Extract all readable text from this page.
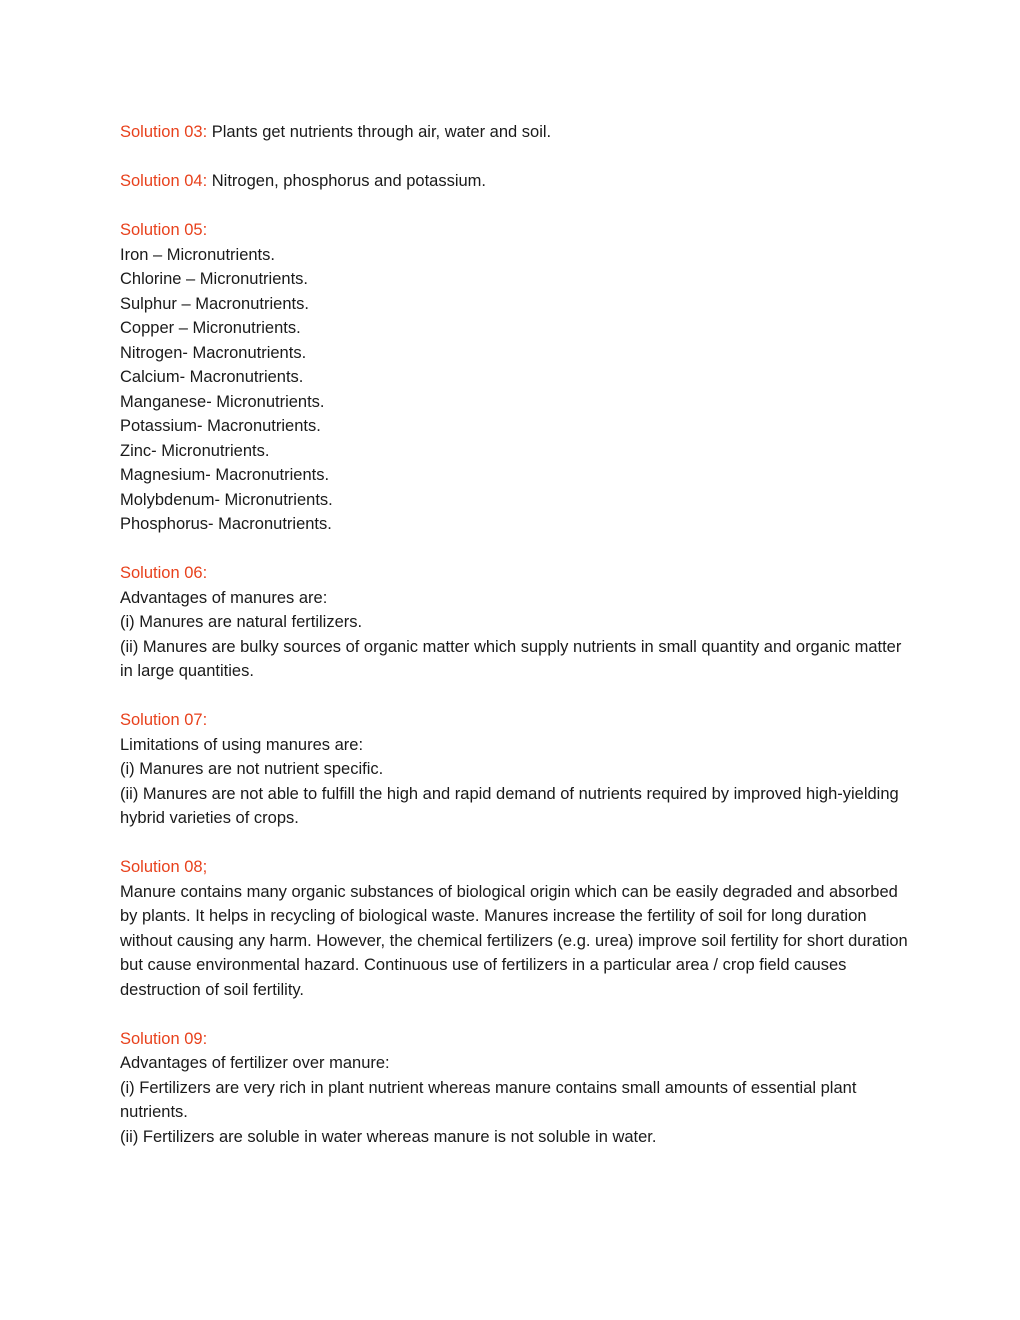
Solution 03: Plants get nutrients through air, water and soil.
Solution 04: Nitrogen, phosphorus and potassium.
Solution 05:
Iron – Micronutrients.
Chlorine – Micronutrients.
Sulphur – Macronutrients.
Copper – Micronutrients.
Nitrogen- Macronutrients.
Calcium- Macronutrients.
Manganese- Micronutrients.
Potassium- Macronutrients.
Zinc- Micronutrients.
Magnesium- Macronutrients.
Molybdenum- Micronutrients.
Phosphorus- Macronutrients.
Solution 06:
Advantages of manures are:
(i) Manures are natural fertilizers.
(ii) Manures are bulky sources of organic matter which supply nutrients in small quantity and organic matter in large quantities.
Solution 07:
Limitations of using manures are:
(i) Manures are not nutrient specific.
(ii) Manures are not able to fulfill the high and rapid demand of nutrients required by improved high-yielding hybrid varieties of crops.
Solution 08;
Manure contains many organic substances of biological origin which can be easily degraded and absorbed by plants. It helps in recycling of biological waste. Manures increase the fertility of soil for long duration without causing any harm. However, the chemical fertilizers (e.g. urea) improve soil fertility for short duration but cause environmental hazard. Continuous use of fertilizers in a particular area / crop field causes destruction of soil fertility.
Solution 09:
Advantages of fertilizer over manure:
(i) Fertilizers are very rich in plant nutrient whereas manure contains small amounts of essential plant nutrients.
(ii) Fertilizers are soluble in water whereas manure is not soluble in water.
